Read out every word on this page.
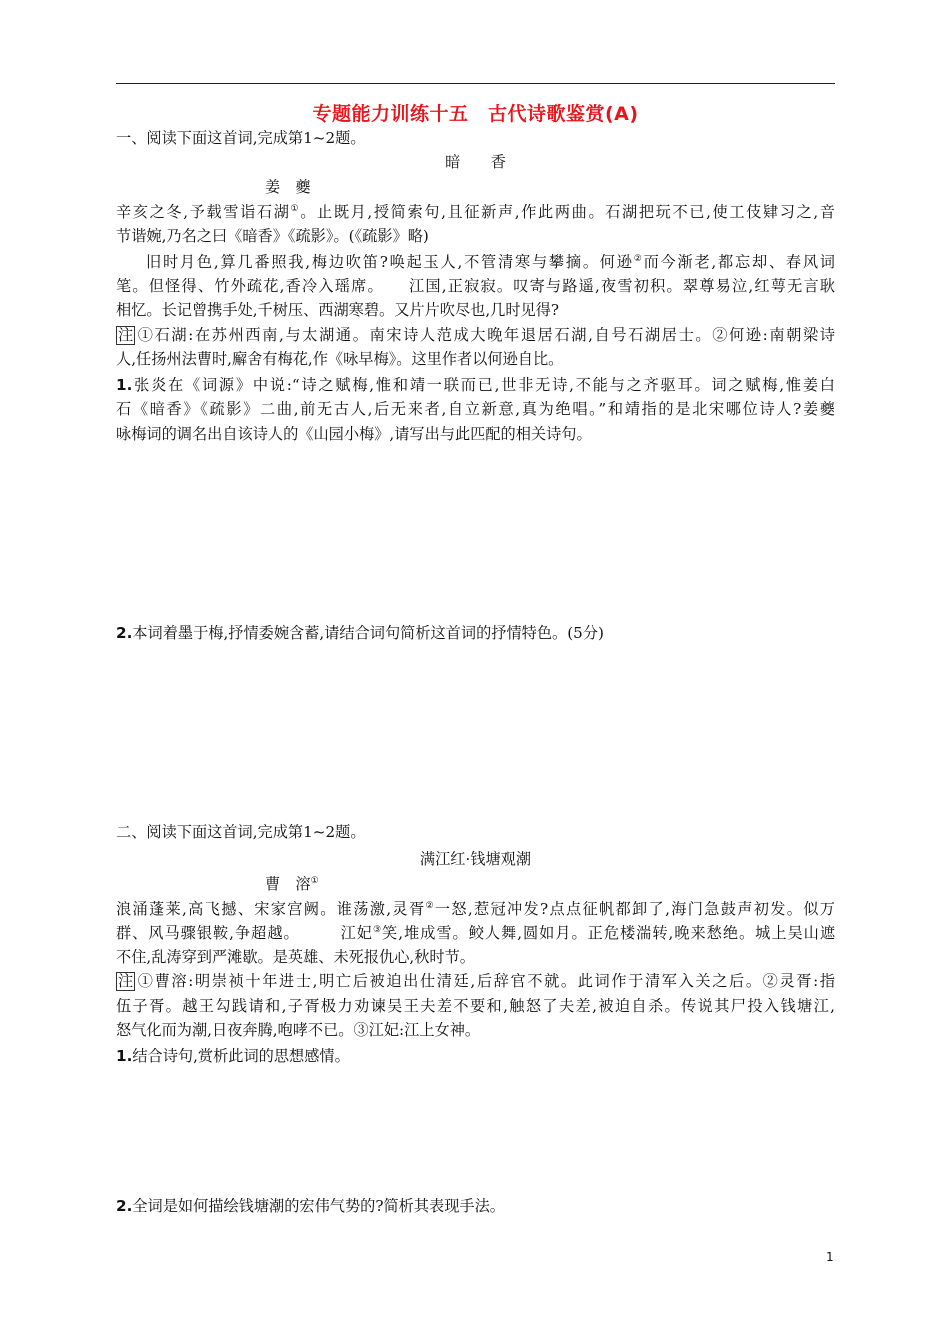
专题能力训练十五　古代诗歌鉴赏(A)
一、阅读下面这首词,完成第1~2题。
暗　　香
姜　夔
辛亥之冬,予载雪诣石湖①。止既月,授简索句,且征新声,作此两曲。石湖把玩不已,使工伎肄习之,音
节谐婉,乃名之曰《暗香》《疏影》。(《疏影》略)
旧时月色,算几番照我,梅边吹笛?唤起玉人,不管清寒与攀摘。何逊②而今渐老,都忘却、春风词
笔。但怪得、竹外疏花,香冷入瑶席。　　江国,正寂寂。叹寄与路遥,夜雪初积。翠尊易泣,红萼无言耿
相忆。长记曾携手处,千树压、西湖寒碧。又片片吹尽也,几时见得?
注 ①石湖:在苏州西南,与太湖通。南宋诗人范成大晚年退居石湖,自号石湖居士。②何逊:南朝梁诗
人,任扬州法曹时,廨舍有梅花,作《咏早梅》。这里作者以何逊自比。
1.张炎在《词源》中说:“诗之赋梅,惟和靖一联而已,世非无诗,不能与之齐驱耳。词之赋梅,惟姜白
石《暗香》《疏影》二曲,前无古人,后无来者,自立新意,真为绝唱。”和靖指的是北宋哪位诗人?姜夔
咏梅词的调名出自该诗人的《山园小梅》,请写出与此匹配的相关诗句。
2.本词着墨于梅,抒情委婉含蓄,请结合词句简析这首词的抒情特色。(5分)
二、阅读下面这首词,完成第1~2题。
满江红·钱塘观潮
曹　溶①
浪涌蓬莱,高飞撼、宋家宫阙。谁荡激,灵胥②一怒,惹冠冲发?点点征帆都卸了,海门急鼓声初发。似万
群、风马骤银鞍,争超越。	江妃③笑,堆成雪。鲛人舞,圆如月。正危楼湍转,晚来愁绝。城上吴山遮
不住,乱涛穿到严滩歇。是英雄、未死报仇心,秋时节。
注 ①曹溶:明崇祯十年进士,明亡后被迫出仕清廷,后辞官不就。此词作于清军入关之后。②灵胥:指
伍子胥。越王勾践请和,子胥极力劝谏吴王夫差不要和,触怒了夫差,被迫自杀。传说其尸投入钱塘江,
怒气化而为潮,日夜奔腾,咆哮不已。③江妃:江上女神。
1.结合诗句,赏析此词的思想感情。
2.全词是如何描绘钱塘潮的宏伟气势的?简析其表现手法。
1
